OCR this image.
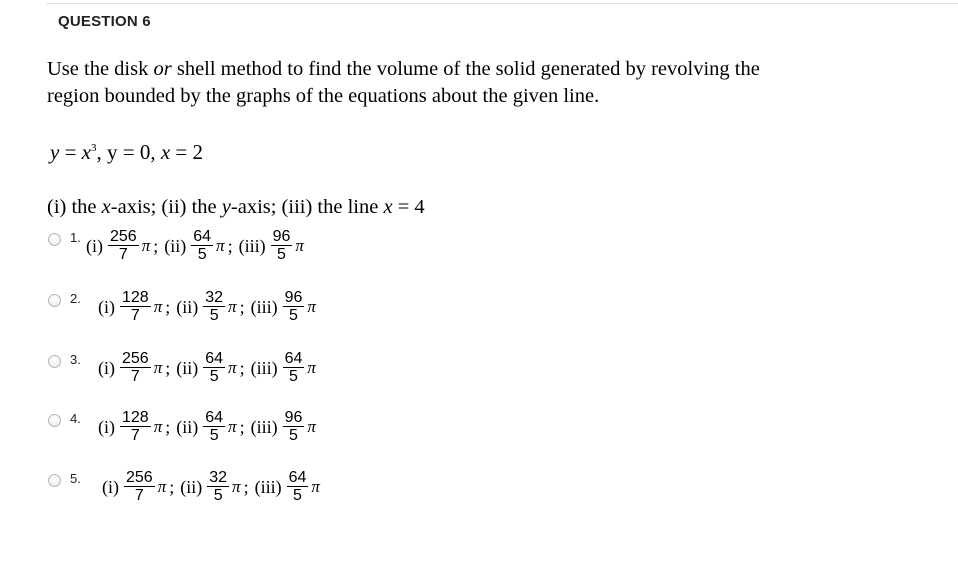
QUESTION 6
Use the disk or shell method to find the volume of the solid generated by revolving the
region bounded by the graphs of the equations about the given line.
$y = x^3$, y = 0, x = 2
(i) the x-axis; (ii) the y-axis; (iii) the line x = 4
1. $(i) \frac{256}{7}$ π ; $(ii) \frac{64}{5}$ π ; $(iii) \frac{96}{5}$ π
2. $(i) \frac{128}{7}$ π ; $(ii) \frac{32}{5}$ π ; $(iii) \frac{96}{5}$ π
3. $(i) \frac{256}{7}$ π ; $(ii) \frac{64}{5}$ π ; $(iii) \frac{64}{5}$ π
4. $(i) \frac{128}{7}$ π ; $(ii) \frac{64}{5}$ π ; $(iii) \frac{96}{5}$ π
5. $(i) \frac{256}{7}$ π ; $(ii) \frac{32}{5}$ π ; $(iii) \frac{64}{5}$ π
